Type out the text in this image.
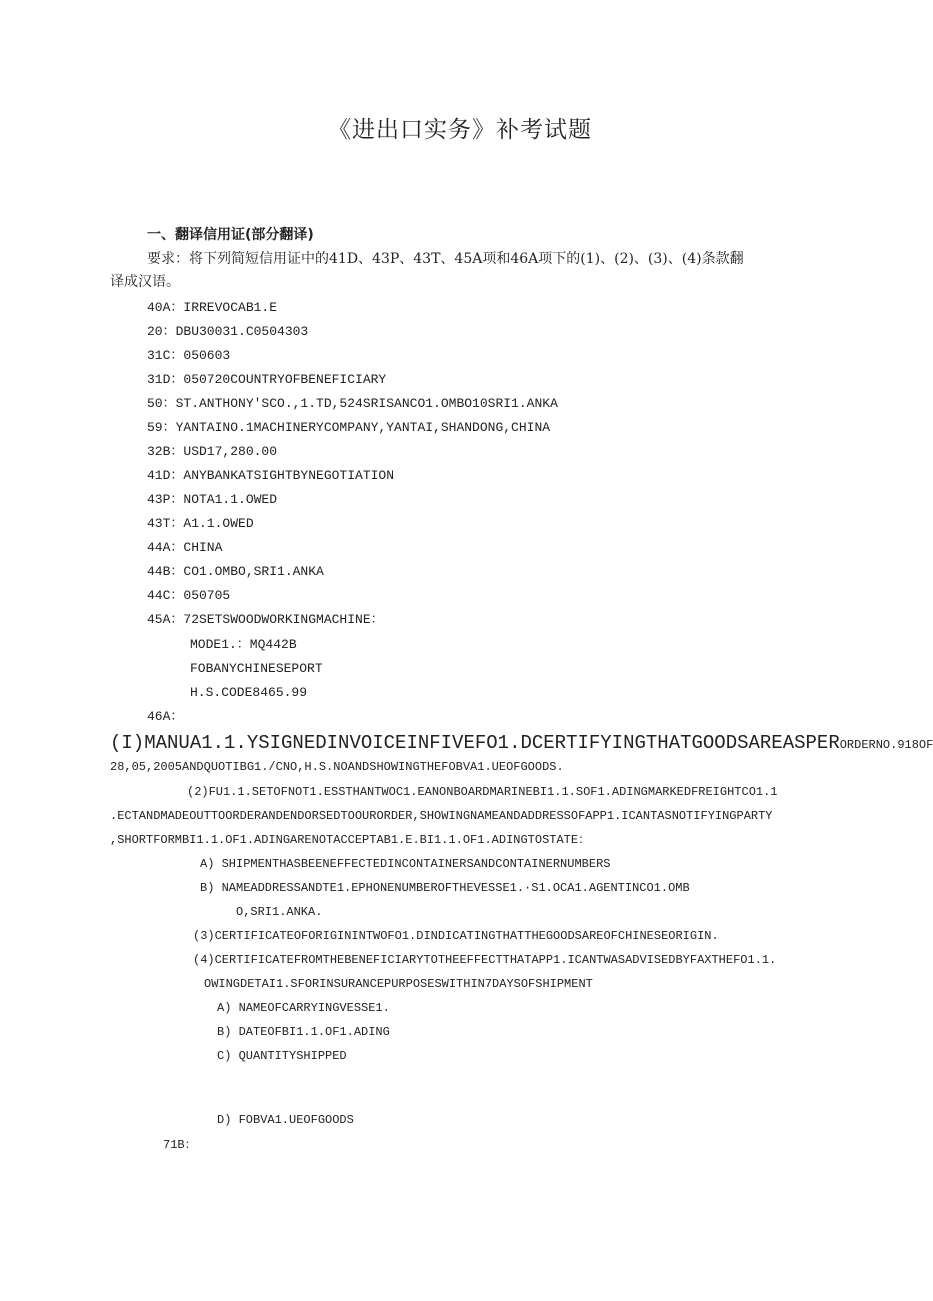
《进出口实务》补考试题
一、翻译信用证(部分翻译)
要求：将下列简短信用证中的41D、43P、43T、45A项和46A项下的(1)、(2)、(3)、(4)条款翻
译成汉语。
40A：IRREVOCAB1.E
20：DBU30031.C0504303
31C：050603
31D：050720COUNTRYOFBENEFICIARY
50：ST.ANTHONY'SCO.,1.TD,524SRISANCO1.OMBO10SRI1.ANKA
59：YANTAINO.1MACHINERYCOMPANY,YANTAI,SHANDONG,CHINA
32B：USD17,280.00
41D：ANYBANKATSIGHTBYNEGOTIATION
43P：NOTA1.1.OWED
43T：A1.1.OWED
44A：CHINA
44B：CO1.OMBO,SRI1.ANKA
44C：050705
45A：72SETSWOODWORKINGMACHINE：
MODE1.：MQ442B
FOBANYCHINESEPORT
H.S.CODE8465.99
46A：
(I)MANUA1.1.YSIGNEDINVOICEINFIVEFO1.DCERTIFYINGTHATGOODSAREASPERORDERNO.918OF
28,05,2005ANDQUOTIBG1./CNO,H.S.NOANDSHOWINGTHEFOBVA1.UEOFGOODS.
(2)FU1.1.SETOFNOT1.ESSTHANTWOC1.EANONBOARDMARINEBI1.1.SOF1.ADINGMARKEDFREIGHTCO1.1
.ECTANDMADEOUTTOORDERANDENDORSEDTOOURORDER,SHOWINGNAMEANDADDRESSOFAPP1.ICANTASNOTIFYINGPARTY
,SHORTFORMBI1.1.OF1.ADINGARENOTACCEPTAB1.E.BI1.1.OF1.ADINGTOSTATE：
A) SHIPMENTHASBEENEFFECTEDINCONTAINERSANDCONTAINERNUMBERS
B) NAMEADDRESSANDTE1.EPHONENUMBEROFTHEVESSE1.·S1.OCA1.AGENTINCO1.OMB
O,SRI1.ANKA.
(3)CERTIFICATEOFORIGININTWOFO1.DINDICATINGTHATTHEGOODSAREOFCHINESEORIGIN.
(4)CERTIFICATEFROMTHEBENEFICIARYTOTHEEFFECTTHATAPP1.ICANTWASADVISEDBYFAXTHEFO1.1.
OWINGDETAI1.SFORINSURANCEPURPOSESWITHIN7DAYSOFSHIPMENT
A) NAMEOFCARRYINGVESSE1.
B) DATEOFBI1.1.OF1.ADING
C) QUANTITYSHIPPED
D) FOBVA1.UEOFGOODS
71B：
